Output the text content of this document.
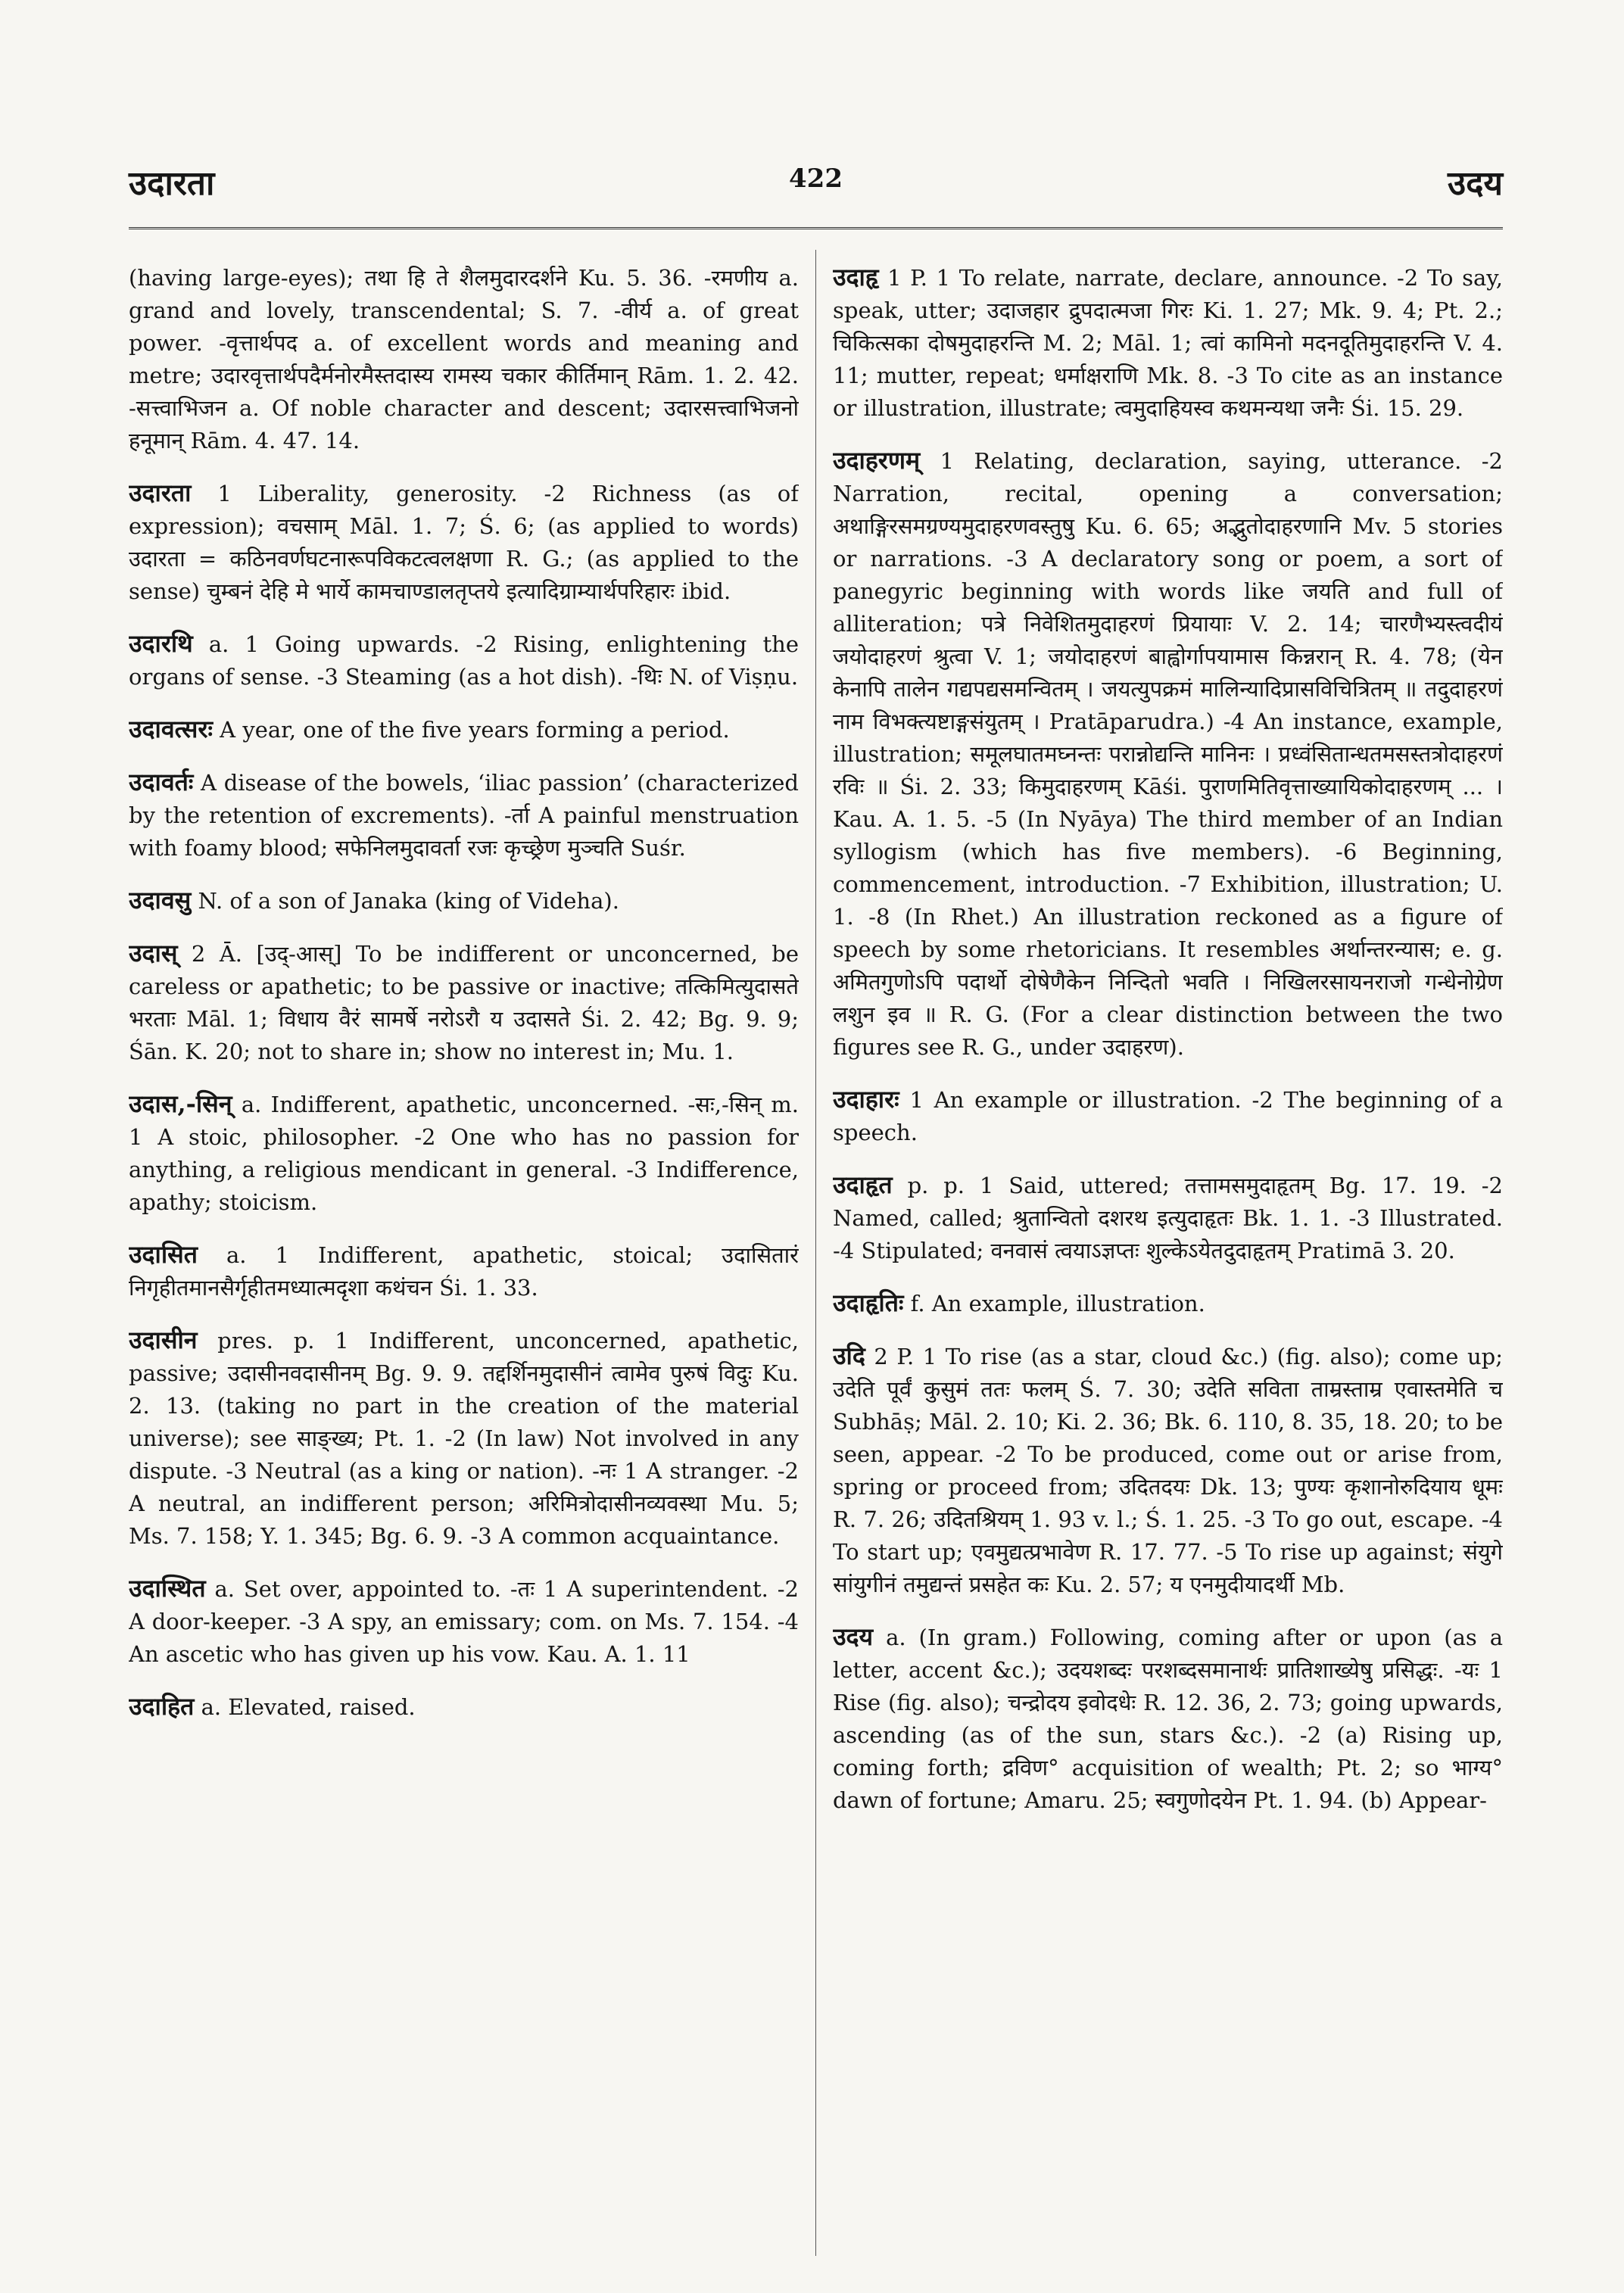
उदारता	422	उदय
(having large-eyes); तथा हि ते शैलमुदारदर्शने Ku. 5. 36. -रमणीय a. grand and lovely, transcendental; S. 7. -वीर्य a. of great power. -वृत्तार्थपद a. of excellent words and meaning and metre; उदारवृत्तार्थपदैर्मनोरमैस्तदास्य रामस्य चकार कीर्तिमान् Rām. 1. 2. 42. -सत्त्वाभिजन a. Of noble character and descent; उदारसत्त्वाभिजनो हनूमान् Rām. 4. 47. 14.
उदारता 1 Liberality, generosity. -2 Richness (as of expression); वचसाम् Māl. 1. 7; Ś. 6; (as applied to words) उदारता = कठिनवर्णघटनारूपविकटत्वलक्षणा R. G.; (as applied to the sense) चुम्बनं देहि मे भार्ये कामचाण्डालतृप्तये इत्यादिग्राम्यार्थपरिहारः ibid.
उदारथि a. 1 Going upwards. -2 Rising, enlightening the organs of sense. -3 Steaming (as a hot dish). -थिः N. of Viṣṇu.
उदावत्सरः A year, one of the five years forming a period.
उदावर्तः A disease of the bowels, ‘iliac passion’ (characterized by the retention of excrements). -र्ता A painful menstruation with foamy blood; सफेनिलमुदावर्ता रजः कृच्छ्रेण मुञ्चति Suśr.
उदावसु N. of a son of Janaka (king of Videha).
उदास् 2 Ā. [उद्-आस्] To be indifferent or unconcerned, be careless or apathetic; to be passive or inactive; तत्किमित्युदासते भरताः Māl. 1; विधाय वैरं सामर्षे नरोऽरौ य उदासते Śi. 2. 42; Bg. 9. 9; Śān. K. 20; not to share in; show no interest in; Mu. 1.
उदास,-सिन् a. Indifferent, apathetic, unconcerned. -सः,-सिन् m. 1 A stoic, philosopher. -2 One who has no passion for anything, a religious mendicant in general. -3 Indifference, apathy; stoicism.
उदासित a. 1 Indifferent, apathetic, stoical; उदासितारं निगृहीतमानसैर्गृहीतमध्यात्मदृशा कथंचन Śi. 1. 33.
उदासीन pres. p. 1 Indifferent, unconcerned, apathetic, passive; उदासीनवदासीनम् Bg. 9. 9. तद्दर्शिनमुदासीनं त्वामेव पुरुषं विदुः Ku. 2. 13. (taking no part in the creation of the material universe); see साङ्ख्य; Pt. 1. -2 (In law) Not involved in any dispute. -3 Neutral (as a king or nation). -नः 1 A stranger. -2 A neutral, an indifferent person; अरिमित्रोदासीनव्यवस्था Mu. 5; Ms. 7. 158; Y. 1. 345; Bg. 6. 9. -3 A common acquaintance.
उदास्थित a. Set over, appointed to. -तः 1 A superintendent. -2 A door-keeper. -3 A spy, an emissary; com. on Ms. 7. 154. -4 An ascetic who has given up his vow. Kau. A. 1. 11
उदाहित a. Elevated, raised.
उदाहृ 1 P. 1 To relate, narrate, declare, announce. -2 To say, speak, utter; उदाजहार द्रुपदात्मजा गिरः Ki. 1. 27; Mk. 9. 4; Pt. 2.; चिकित्सका दोषमुदाहरन्ति M. 2; Māl. 1; त्वां कामिनो मदनदूतिमुदाहरन्ति V. 4. 11; mutter, repeat; धर्माक्षराणि Mk. 8. -3 To cite as an instance or illustration, illustrate; त्वमुदाहियस्व कथमन्यथा जनैः Śi. 15. 29.
उदाहरणम् 1 Relating, declaration, saying, utterance. -2 Narration, recital, opening a conversation; अथाङ्गिरसमग्रण्यमुदाहरणवस्तुषु Ku. 6. 65; अद्भुतोदाहरणानि Mv. 5 stories or narrations. -3 A declaratory song or poem, a sort of panegyric beginning with words like जयति and full of alliteration; पत्रे निवेशितमुदाहरणं प्रियायाः V. 2. 14; चारणैभ्यस्त्वदीयं जयोदाहरणं श्रुत्वा V. 1; जयोदाहरणं बाह्वोर्गापयामास किन्नरान् R. 4. 78; (येन केनापि तालेन गद्यपद्यसमन्वितम् । जयत्युपक्रमं मालिन्यादिप्रासविचित्रितम् ॥ तदुदाहरणं नाम विभक्त्यष्टाङ्गसंयुतम् । Pratāparudra.) -4 An instance, example, illustration; समूलघातमघ्नन्तः परान्नोद्यन्ति मानिनः । प्रध्वंसितान्धतमसस्तत्रोदाहरणं रविः ॥ Śi. 2. 33; किमुदाहरणम् Kāśi. पुराणमितिवृत्ताख्यायिकोदाहरणम् ... । Kau. A. 1. 5. -5 (In Nyāya) The third member of an Indian syllogism (which has five members). -6 Beginning, commencement, introduction. -7 Exhibition, illustration; U. 1. -8 (In Rhet.) An illustration reckoned as a figure of speech by some rhetoricians. It resembles अर्थान्तरन्यास; e. g. अमितगुणोऽपि पदार्थो दोषेणैकेन निन्दितो भवति । निखिलरसायनराजो गन्धेनोग्रेण लशुन इव ॥ R. G. (For a clear distinction between the two figures see R. G., under उदाहरण).
उदाहारः 1 An example or illustration. -2 The beginning of a speech.
उदाहृत p. p. 1 Said, uttered; तत्तामसमुदाहृतम् Bg. 17. 19. -2 Named, called; श्रुतान्वितो दशरथ इत्युदाहृतः Bk. 1. 1. -3 Illustrated. -4 Stipulated; वनवासं त्वयाऽज्ञप्तः शुल्केऽयेतदुदाहृतम् Pratimā 3. 20.
उदाहृतिः f. An example, illustration.
उदि 2 P. 1 To rise (as a star, cloud &c.) (fig. also); come up; उदेति पूर्वं कुसुमं ततः फलम् Ś. 7. 30; उदेति सविता ताम्रस्ताम्र एवास्तमेति च Subhāṣ; Māl. 2. 10; Ki. 2. 36; Bk. 6. 110, 8. 35, 18. 20; to be seen, appear. -2 To be produced, come out or arise from, spring or proceed from; उदितदयः Dk. 13; पुण्यः कृशानोरुदियाय धूमः R. 7. 26; उदितश्रियम् 1. 93 v. l.; Ś. 1. 25. -3 To go out, escape. -4 To start up; एवमुद्यत्प्रभावेण R. 17. 77. -5 To rise up against; संयुगे सांयुगीनं तमुद्यन्तं प्रसहेत कः Ku. 2. 57; य एनमुदीयादर्थी Mb.
उदय a. (In gram.) Following, coming after or upon (as a letter, accent &c.); उदयशब्दः परशब्दसमानार्थः प्रातिशाख्येषु प्रसिद्धः. -यः 1 Rise (fig. also); चन्द्रोदय इवोदधेः R. 12. 36, 2. 73; going upwards, ascending (as of the sun, stars &c.). -2 (a) Rising up, coming forth; द्रविण° acquisition of wealth; Pt. 2; so भाग्य° dawn of fortune; Amaru. 25; स्वगुणोदयेन Pt. 1. 94. (b) Appear-
